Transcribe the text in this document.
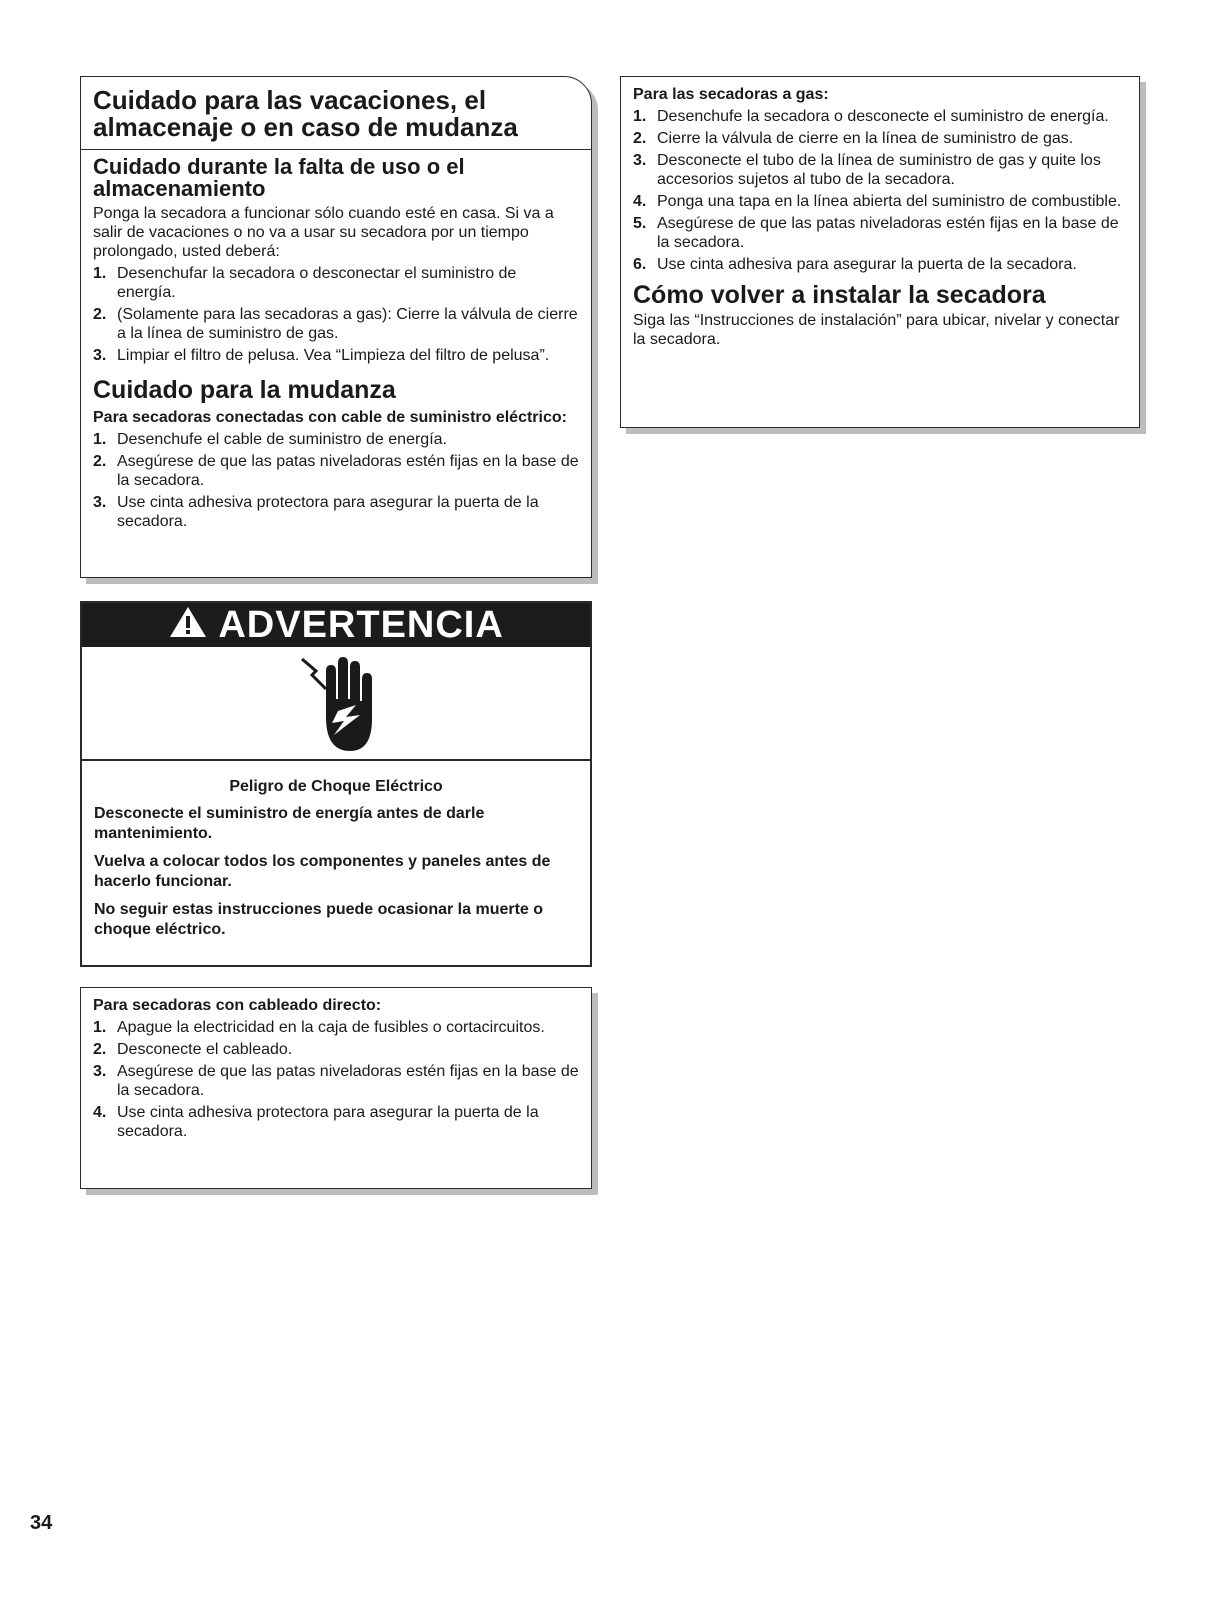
Cuidado para las vacaciones, el almacenaje o en caso de mudanza
Cuidado durante la falta de uso o el almacenamiento

Ponga la secadora a funcionar sólo cuando esté en casa. Si va a salir de vacaciones o no va a usar su secadora por un tiempo prolongado, usted deberá:

1. Desenchufar la secadora o desconectar el suministro de energía.
2. (Solamente para las secadoras a gas): Cierre la válvula de cierre a la línea de suministro de gas.
3. Limpiar el filtro de pelusa. Vea “Limpieza del filtro de pelusa”.
Cuidado para la mudanza
Para secadoras conectadas con cable de suministro eléctrico:
1. Desenchufe el cable de suministro de energía.
2. Asegúrese de que las patas niveladoras estén fijas en la base de la secadora.
3. Use cinta adhesiva protectora para asegurar la puerta de la secadora.
Para las secadoras a gas:
1. Desenchufe la secadora o desconecte el suministro de energía.
2. Cierre la válvula de cierre en la línea de suministro de gas.
3. Desconecte el tubo de la línea de suministro de gas y quite los accesorios sujetos al tubo de la secadora.
4. Ponga una tapa en la línea abierta del suministro de combustible.
5. Asegúrese de que las patas niveladoras estén fijas en la base de la secadora.
6. Use cinta adhesiva para asegurar la puerta de la secadora.
Cómo volver a instalar la secadora

Siga las “Instrucciones de instalación” para ubicar, nivelar y conectar la secadora.

ADVERTENCIA
Peligro de Choque Eléctrico

Desconecte el suministro de energía antes de darle mantenimiento.

Vuelva a colocar todos los componentes y paneles antes de hacerlo funcionar.

No seguir estas instrucciones puede ocasionar la muerte o choque eléctrico.

Para secadoras con cableado directo:
1. Apague la electricidad en la caja de fusibles o cortacircuitos.
2. Desconecte el cableado.
3. Asegúrese de que las patas niveladoras estén fijas en la base de la secadora.
4. Use cinta adhesiva protectora para asegurar la puerta de la secadora.
34
